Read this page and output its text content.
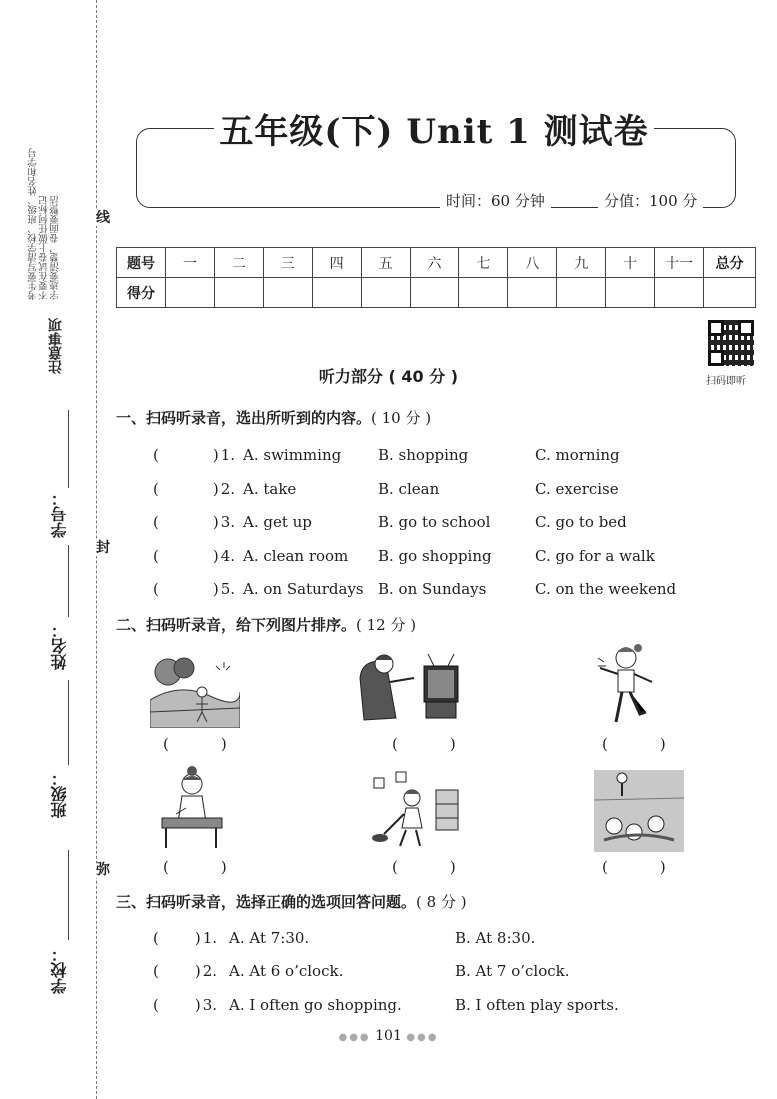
考生要写清学校、班级、姓名和学号 不要在试卷上做任何标记 字迹要清楚，卷面要整洁
注意事项
线
封
弥
学号：
姓名：
班级：
学校：
五年级(下) Unit 1 测试卷
时间：60 分钟	分值：100 分
题号	一	二	三	四	五	六	七	八	九	十	十一	总分
得分												
扫码即听
听力部分 ( 40 分 )
一、扫码听录音，选出所听到的内容。( 10 分 )
(	) 1. A. swimming B. shopping	C. morning
(	) 2. A. take	B. clean	C. exercise
(	) 3. A. get up	B. go to school	C. go to bed
(	) 4. A. clean room B. go shopping	C. go for a walk
(	) 5. A. on Saturdays B. on Sundays	C. on the weekend
二、扫码听录音，给下列图片排序。( 12 分 )
(	)	(	)	(	)
(	)	(	)	(	)
三、扫码听录音，选择正确的选项回答问题。( 8 分 )
( ) 1. A. At 7:30.	B. At 8:30.
( ) 2. A. At 6 o’clock.	B. At 7 o’clock.
( ) 3. A. I often go shopping.	B. I often play sports.
●●● 101 ●●●
